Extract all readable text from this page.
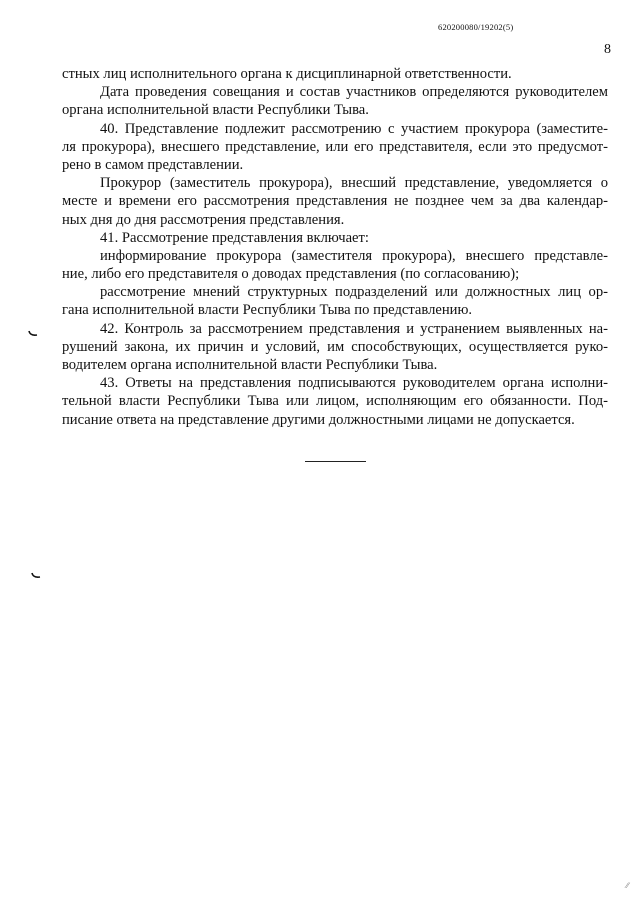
620200080/19202(5)
8
стных лиц исполнительного органа к дисциплинарной ответственности.
Дата проведения совещания и состав участников определяются руководителем
органа исполнительной власти Республики Тыва.
40. Представление подлежит рассмотрению с участием прокурора (заместите-
ля прокурора), внесшего представление, или его представителя, если это предусмот-
рено в самом представлении.
Прокурор (заместитель прокурора), внесший представление, уведомляется о
месте и времени его рассмотрения представления не позднее чем за два календар-
ных дня до дня рассмотрения представления.
41. Рассмотрение представления включает:
информирование прокурора (заместителя прокурора), внесшего представле-
ние, либо его представителя о доводах представления (по согласованию);
рассмотрение мнений структурных подразделений или должностных лиц ор-
гана исполнительной власти Республики Тыва по представлению.
42. Контроль за рассмотрением представления и устранением выявленных на-
рушений закона, их причин и условий, им способствующих, осуществляется руко-
водителем органа исполнительной власти Республики Тыва.
43. Ответы на представления подписываются руководителем органа исполни-
тельной власти Республики Тыва или лицом, исполняющим его обязанности. Под-
писание ответа на представление другими должностными лицами не допускается.
⁄⁄
